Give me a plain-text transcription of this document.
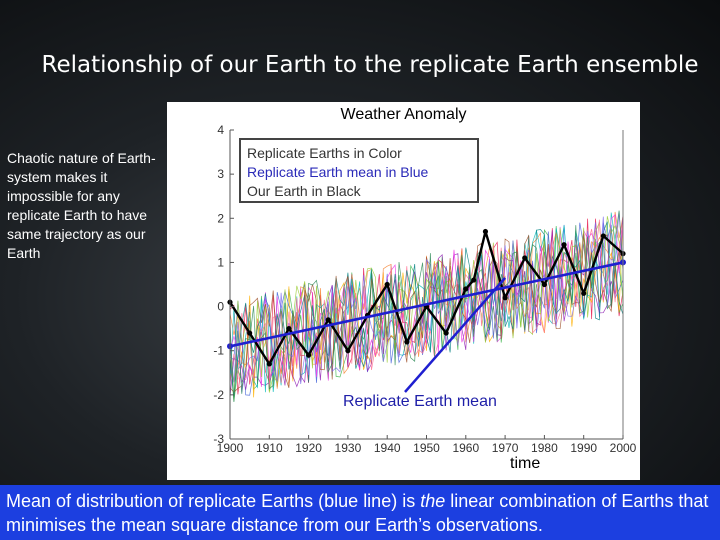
Relationship of our Earth to the replicate Earth ensemble
Chaotic nature of Earth-system makes it impossible for any replicate Earth to have same trajectory as our Earth
-3
-2
-1
0
1
2
3
4
1900 1910 1920 1930 1940 1950 1960 1970 1980 1990 2000
Weather Anomaly
Replicate Earths in Color
Replicate Earth mean in Blue
Our Earth in Black
Replicate Earth mean
time
Mean of distribution of replicate Earths (blue line) is the linear combination of Earths that minimises the mean square distance from our Earth’s observations.
